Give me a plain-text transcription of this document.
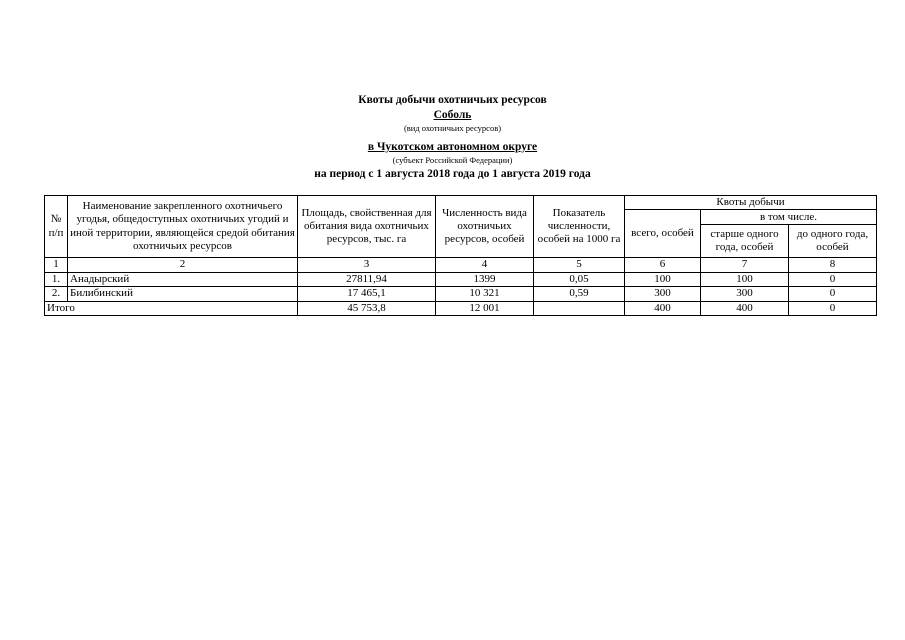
Квоты добычи охотничьих ресурсов
Соболь
(вид охотничьих ресурсов)
в Чукотском автономном округе
(субъект Российской Федерации)
на период с 1 августа 2018 года до 1 августа 2019 года
№ п/п	Наименование закрепленного охотничьего угодья, общедоступных охотничьих угодий и иной территории, являющейся средой обитания охотничьих ресурсов	Площадь, свойственная для обитания вида охотничьих ресурсов, тыс. га	Численность вида охотничьих ресурсов, особей	Показатель численности, особей на 1000 га	Квоты добычи		
					всего, особей	в том числе.	
						старше одного года, особей	до одного года, особей
1	2	3	4	5	6	7	8
1.	Анадырский	27811,94	1399	0,05	100	100	0
2.	Билибинский	17 465,1	10 321	0,59	300	300	0
Итого		45 753,8	12 001		400	400	0
